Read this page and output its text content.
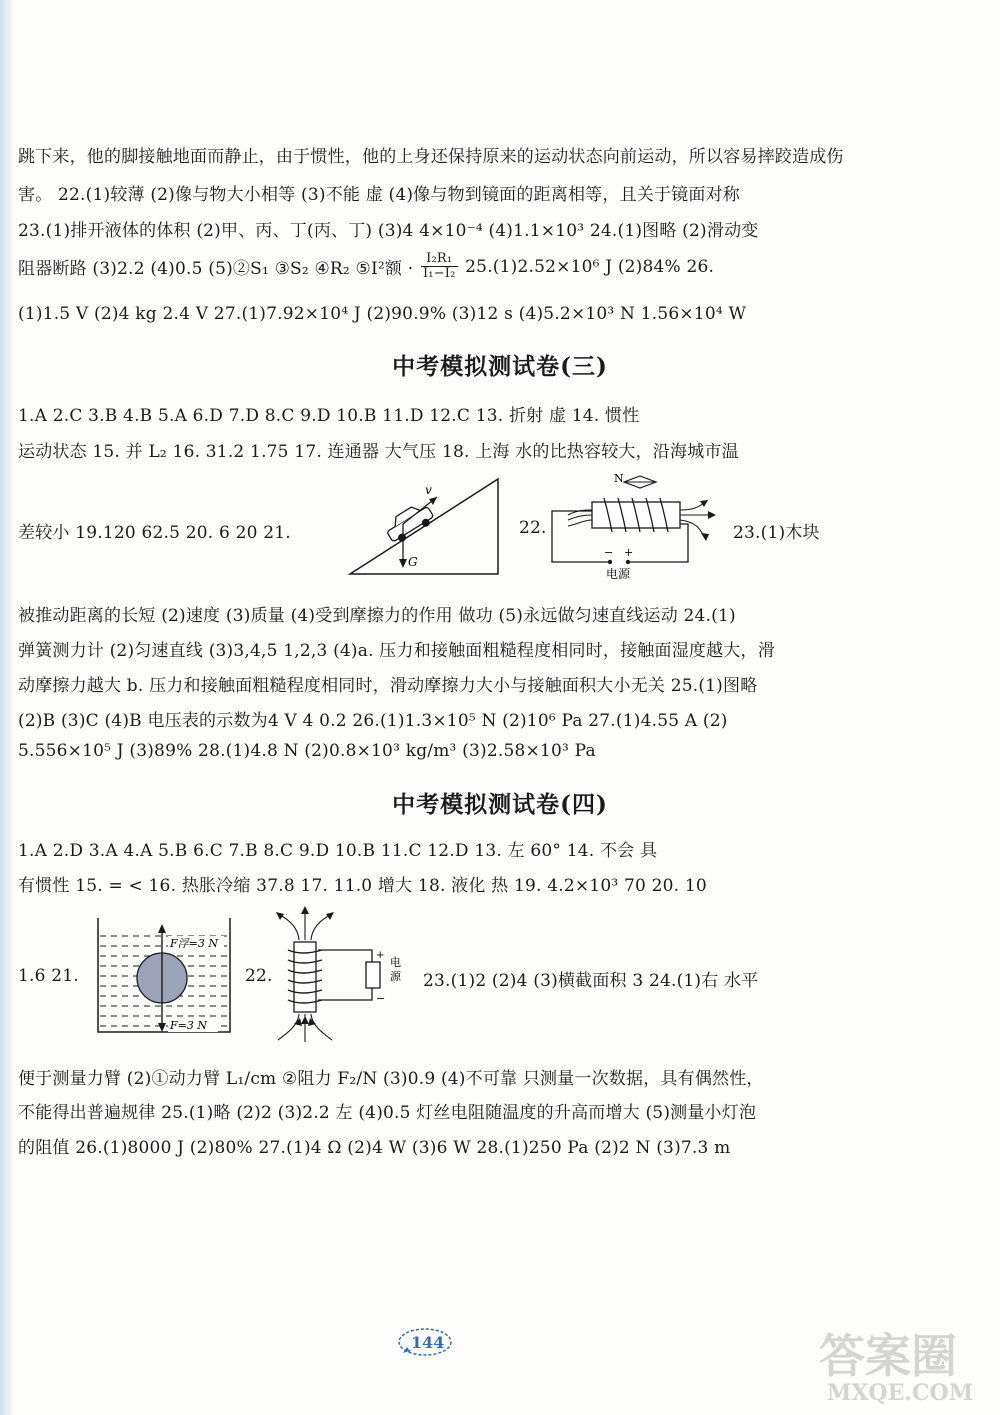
跳下来，他的脚接触地面而静止，由于惯性，他的上身还保持原来的运动状态向前运动，所以容易摔跤造成伤
害。 22.(1)较薄 (2)像与物大小相等 (3)不能 虚 (4)像与物到镜面的距离相等，且关于镜面对称
23.(1)排开液体的体积 (2)甲、丙、丁(丙、丁) (3)4 4×10⁻⁴ (4)1.1×10³ 24.(1)图略 (2)滑动变
阻器断路 (3)2.2 (4)0.5 (5)②S₁ ③S₂ ④R₂ ⑤I²额 · $\frac{\text{I₂R₁}}{\text{I₁−I₂}} 25.(1)2.52\times 10^6$ J (2)84% 26.
(1)1.5 V (2)4 kg 2.4 V 27.(1)7.92×10⁴ J (2)90.9% (3)12 s (4)5.2×10³ N 1.56×10⁴ W
中考模拟测试卷(三)
1.A 2.C 3.B 4.B 5.A 6.D 7.D 8.C 9.D 10.B 11.D 12.C 13. 折射 虚 14. 惯性
运动状态 15. 并 L₂ 16. 31.2 1.75 17. 连通器 大气压 18. 上海 水的比热容较大，沿海城市温
差较小 19.120 62.5 20. 6 20 21.	22.	23.(1)木块
v
G
N
− +
电源
被推动距离的长短 (2)速度 (3)质量 (4)受到摩擦力的作用 做功 (5)永远做匀速直线运动 24.(1)
弹簧测力计 (2)匀速直线 (3)3,4,5 1,2,3 (4)a. 压力和接触面粗糙程度相同时，接触面湿度越大，滑
动摩擦力越大 b. 压力和接触面粗糙程度相同时，滑动摩擦力大小与接触面积大小无关 25.(1)图略
(2)B (3)C (4)B 电压表的示数为4 V 4 0.2 26.(1)1.3×10⁵ N (2)10⁶ Pa 27.(1)4.55 A (2)
5.556×10⁵ J (3)89% 28.(1)4.8 N (2)0.8×10³ kg/m³ (3)2.58×10³ Pa
中考模拟测试卷(四)
1.A 2.D 3.A 4.A 5.B 6.C 7.B 8.C 9.D 10.B 11.C 12.D 13. 左 60° 14. 不会 具
有惯性 15. = < 16. 热胀冷缩 37.8 17. 11.0 增大 18. 液化 热 19. 4.2×10³ 70 20. 10
1.6 21.	22.	23.(1)2 (2)4 (3)横截面积 3 24.(1)右 水平
F浮=3 N
F=3 N
+
−
电
源
便于测量力臂 (2)①动力臂 L₁/cm ②阻力 F₂/N (3)0.9 (4)不可靠 只测量一次数据，具有偶然性，
不能得出普遍规律 25.(1)略 (2)2 (3)2.2 左 (4)0.5 灯丝电阻随温度的升高而增大 (5)测量小灯泡
的阻值 26.(1)8000 J (2)80% 27.(1)4 Ω (2)4 W (3)6 W 28.(1)250 Pa (2)2 N (3)7.3 m
144	答案圈
MXQE.COM
